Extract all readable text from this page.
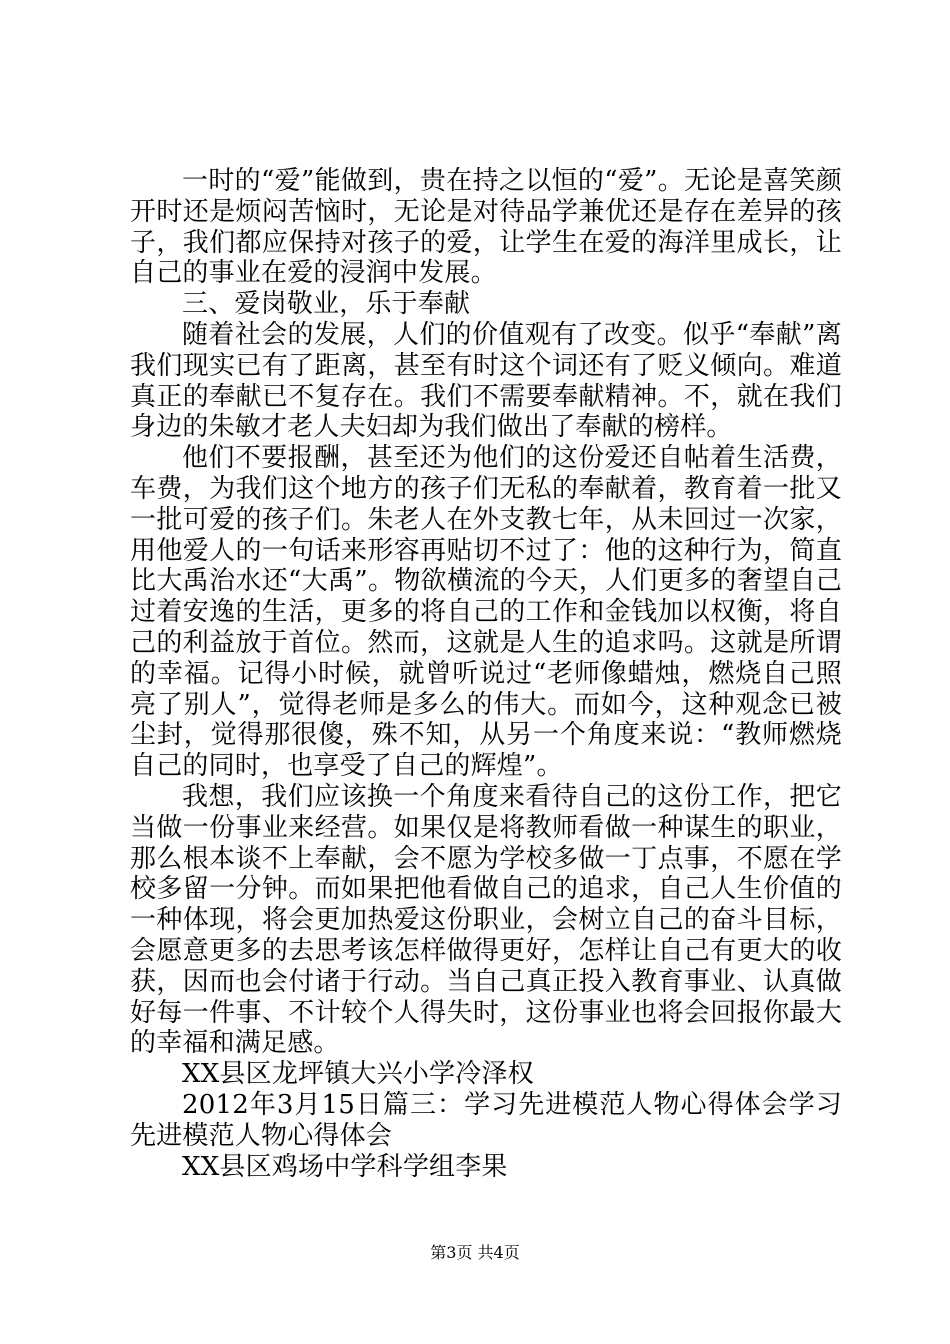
一时的“爱”能做到，贵在持之以恒的“爱”。无论是喜笑颜开时还是烦闷苦恼时，无论是对待品学兼优还是存在差异的孩子，我们都应保持对孩子的爱，让学生在爱的海洋里成长，让自己的事业在爱的浸润中发展。

三、爱岗敬业，乐于奉献

随着社会的发展，人们的价值观有了改变。似乎“奉献”离我们现实已有了距离，甚至有时这个词还有了贬义倾向。难道真正的奉献已不复存在。我们不需要奉献精神。不，就在我们身边的朱敏才老人夫妇却为我们做出了奉献的榜样。

他们不要报酬，甚至还为他们的这份爱还自帖着生活费，车费，为我们这个地方的孩子们无私的奉献着，教育着一批又一批可爱的孩子们。朱老人在外支教七年，从未回过一次家，用他爱人的一句话来形容再贴切不过了：他的这种行为，简直比大禹治水还“大禹”。物欲横流的今天，人们更多的奢望自己过着安逸的生活，更多的将自己的工作和金钱加以权衡，将自己的利益放于首位。然而，这就是人生的追求吗。这就是所谓的幸福。记得小时候，就曾听说过“老师像蜡烛，燃烧自己照亮了别人”，觉得老师是多么的伟大。而如今，这种观念已被尘封，觉得那很傻，殊不知，从另一个角度来说：“教师燃烧自己的同时，也享受了自己的辉煌”。

我想，我们应该换一个角度来看待自己的这份工作，把它当做一份事业来经营。如果仅是将教师看做一种谋生的职业，那么根本谈不上奉献，会不愿为学校多做一丁点事，不愿在学校多留一分钟。而如果把他看做自己的追求，自己人生价值的一种体现，将会更加热爱这份职业，会树立自己的奋斗目标，会愿意更多的去思考该怎样做得更好，怎样让自己有更大的收获，因而也会付诸于行动。当自己真正投入教育事业、认真做好每一件事、不计较个人得失时，这份事业也将会回报你最大的幸福和满足感。

XX县区龙坪镇大兴小学冷泽权

2012年3月15日篇三：学习先进模范人物心得体会学习先进模范人物心得体会

XX县区鸡场中学科学组李果

第3页 共4页
